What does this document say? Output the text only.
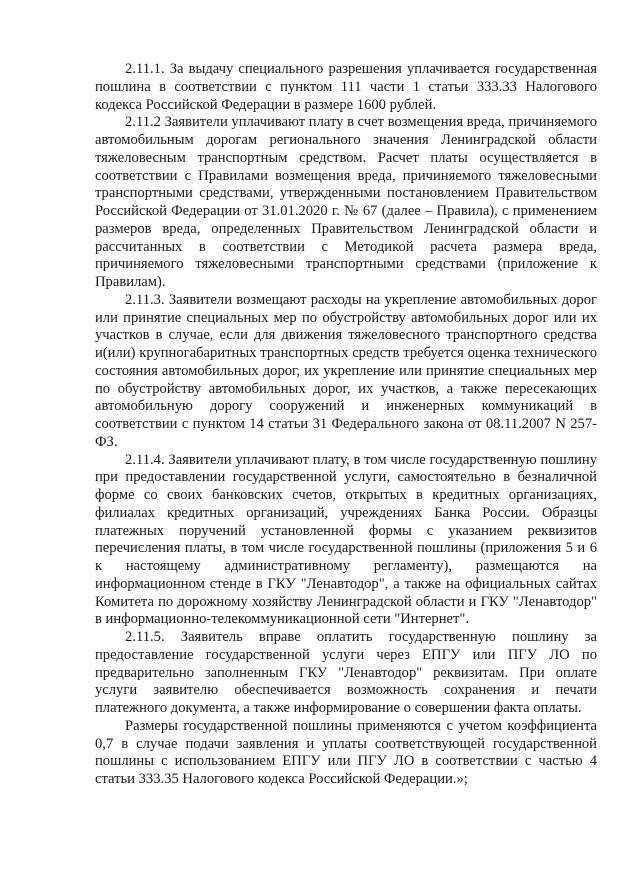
2.11.1. За выдачу специального разрешения уплачивается государственная пошлина в соответствии с пунктом 111 части 1 статьи 333.33 Налогового кодекса Российской Федерации в размере 1600 рублей.

2.11.2 Заявители уплачивают плату в счет возмещения вреда, причиняемого автомобильным дорогам регионального значения Ленинградской области тяжеловесным транспортным средством. Расчет платы осуществляется в соответствии с Правилами возмещения вреда, причиняемого тяжеловесными транспортными средствами, утвержденными постановлением Правительством Российской Федерации от 31.01.2020 г. № 67 (далее – Правила), с применением размеров вреда, определенных Правительством Ленинградской области и рассчитанных в соответствии с Методикой расчета размера вреда, причиняемого тяжеловесными транспортными средствами (приложение к Правилам).

2.11.3. Заявители возмещают расходы на укрепление автомобильных дорог или принятие специальных мер по обустройству автомобильных дорог или их участков в случае, если для движения тяжеловесного транспортного средства и(или) крупногабаритных транспортных средств требуется оценка технического состояния автомобильных дорог, их укрепление или принятие специальных мер по обустройству автомобильных дорог, их участков, а также пересекающих автомобильную дорогу сооружений и инженерных коммуникаций в соответствии с пунктом 14 статьи 31 Федерального закона от 08.11.2007 N 257-ФЗ.

2.11.4. Заявители уплачивают плату, в том числе государственную пошлину при предоставлении государственной услуги, самостоятельно в безналичной форме со своих банковских счетов, открытых в кредитных организациях, филиалах кредитных организаций, учреждениях Банка России. Образцы платежных поручений установленной формы с указанием реквизитов перечисления платы, в том числе государственной пошлины (приложения 5 и 6 к настоящему административному регламенту), размещаются на информационном стенде в ГКУ "Ленавтодор", а также на официальных сайтах Комитета по дорожному хозяйству Ленинградской области и ГКУ "Ленавтодор" в информационно-телекоммуникационной сети "Интернет".

2.11.5. Заявитель вправе оплатить государственную пошлину за предоставление государственной услуги через ЕПГУ или ПГУ ЛО по предварительно заполненным ГКУ "Ленавтодор" реквизитам. При оплате услуги заявителю обеспечивается возможность сохранения и печати платежного документа, а также информирование о совершении факта оплаты.

Размеры государственной пошлины применяются с учетом коэффициента 0,7 в случае подачи заявления и уплаты соответствующей государственной пошлины с использованием ЕПГУ или ПГУ ЛО в соответствии с частью 4 статьи 333.35 Налогового кодекса Российской Федерации.»;
